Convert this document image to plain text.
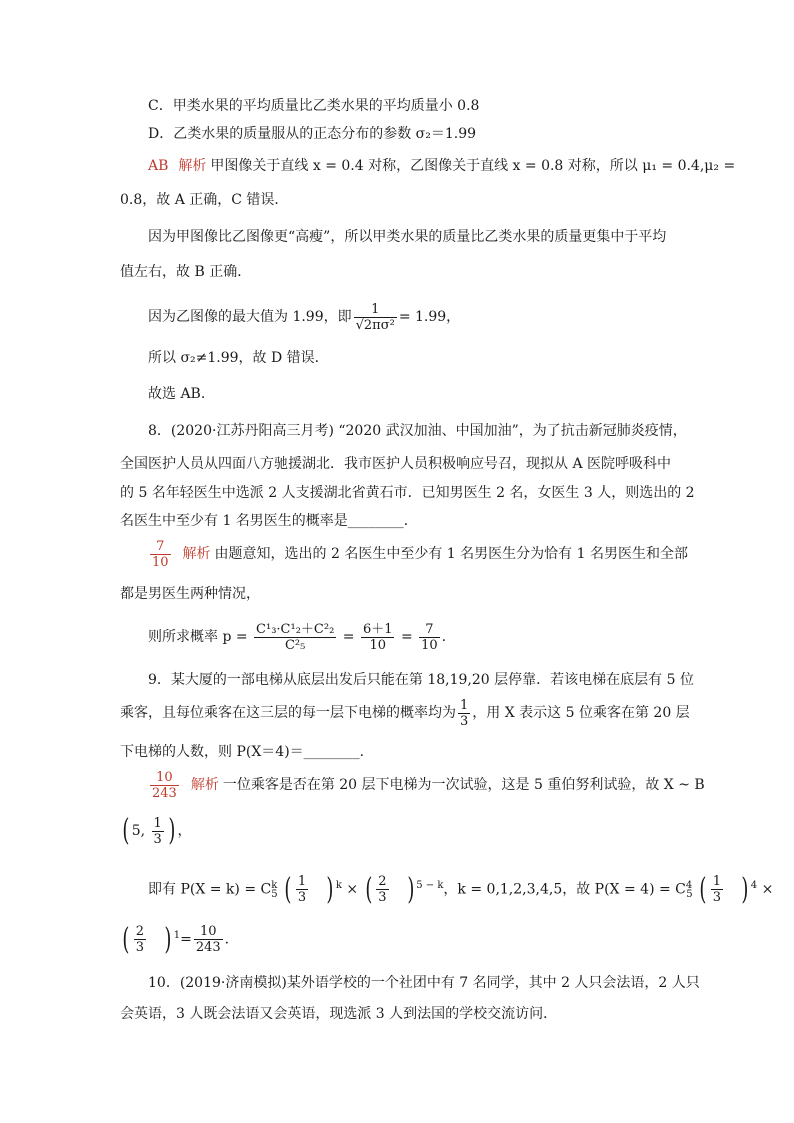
C．甲类水果的平均质量比乙类水果的平均质量小 0.8
D．乙类水果的质量服从的正态分布的参数 σ₂＝1.99
AB 解析 甲图像关于直线 x = 0.4 对称，乙图像关于直线 x = 0.8 对称，所以 μ₁ = 0.4,μ₂ =
0.8，故 A 正确，C 错误．
因为甲图像比乙图像更“高瘦”，所以甲类水果的质量比乙类水果的质量更集中于平均
值左右，故 B 正确．
因为乙图像的最大值为 1.99，即 $\frac{1}{\text{√2πσ²}} = 1.99$，
所以 σ₂≠1.99，故 D 错误．
故选 AB.
8．(2020·江苏丹阳高三月考) “2020 武汉加油、中国加油”，为了抗击新冠肺炎疫情，
全国医护人员从四面八方驰援湖北．我市医护人员积极响应号召，现拟从 A 医院呼吸科中
的 5 名年轻医生中选派 2 人支援湖北省黄石市．已知男医生 2 名，女医生 3 人，则选出的 2
名医生中至少有 1 名男医生的概率是________．
$\frac{7}{10}$ 解析 由题意知，选出的 2 名医生中至少有 1 名男医生分为恰有 1 名男医生和全部
都是男医生两种情况，
则所求概率 $p = \frac{\text{C¹₃·C¹₂＋C²₂}}{\text{C²₅}} = \frac{6+1}{10} = \frac{7}{10}$ .
9．某大厦的一部电梯从底层出发后只能在第 18,19,20 层停靠．若该电梯在底层有 5 位
乘客，且每位乘客在这三层的每一层下电梯的概率均为 $\frac{1}{3}$ ，用 X 表示这 5 位乘客在第 20 层
下电梯的人数，则 P(X＝4)＝________.
$\frac{10}{243}$ 解析 一位乘客是否在第 20 层下电梯为一次试验，这是 5 重伯努利试验，故 X ~ B
( 5, $\frac{1}{3}$ ) ，
即有 $P(X = k) = C^k_5$ ( $\frac{1}{3}$ ) $^k$ × ( $\frac{2}{3}$ ) $^{5 - k}$，k = 0,1,2,3,4,5，故 $P(X = 4) = C^4_5$ ( $\frac{1}{3}$ ) $^4$ ×
( $\frac{2}{3}$ ) $^1= \frac{10}{243}$ .
10．(2019·济南模拟)某外语学校的一个社团中有 7 名同学，其中 2 人只会法语，2 人只
会英语，3 人既会法语又会英语，现选派 3 人到法国的学校交流访问．
